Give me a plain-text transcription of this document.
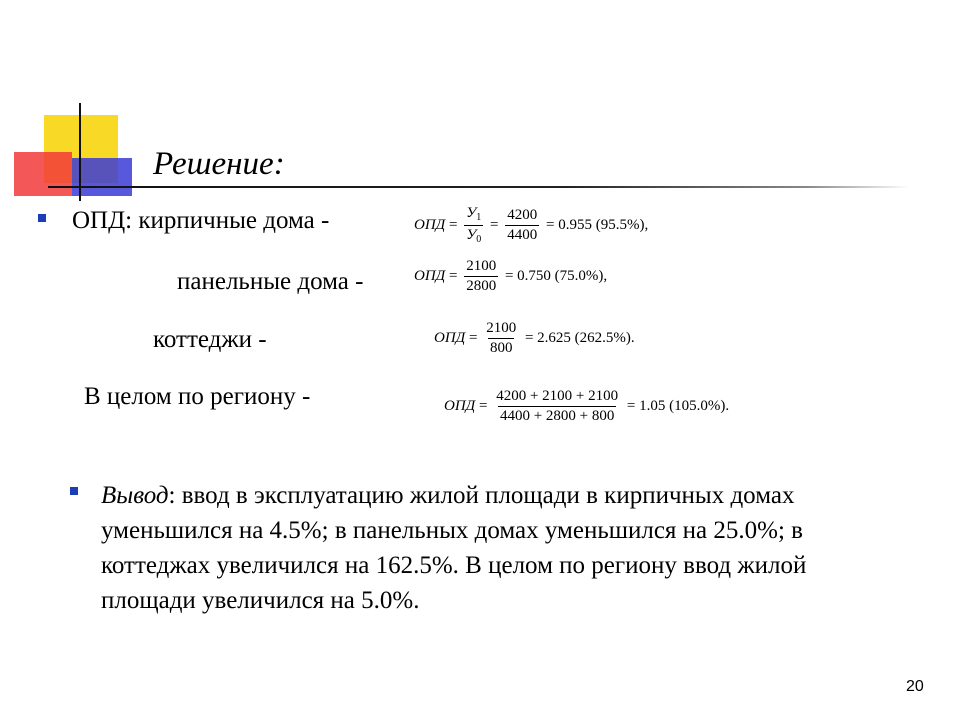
Решение:
ОПД: кирпичные дома -	ОПД = $\frac{У_1}{У_0} = \frac{4200}{4400} = 0.955$ (95.5%),
панельные дома -	ОПД = $\frac{2100}{2800} = 0.750$ (75.0%),
коттеджи -	ОПД = $\frac{2100}{800} = 2.625$ (262.5%).
В целом по региону -	ОПД = $\frac{4200 + 2100 + 2100}{4400 + 2800 + 800} = 1.05$ (105.0%).
Вывод: ввод в эксплуатацию жилой площади в кирпичных домах уменьшился на 4.5%; в панельных домах уменьшился на 25.0%; в коттеджах увеличился на 162.5%. В целом по региону ввод жилой площади увеличился на 5.0%.
20
